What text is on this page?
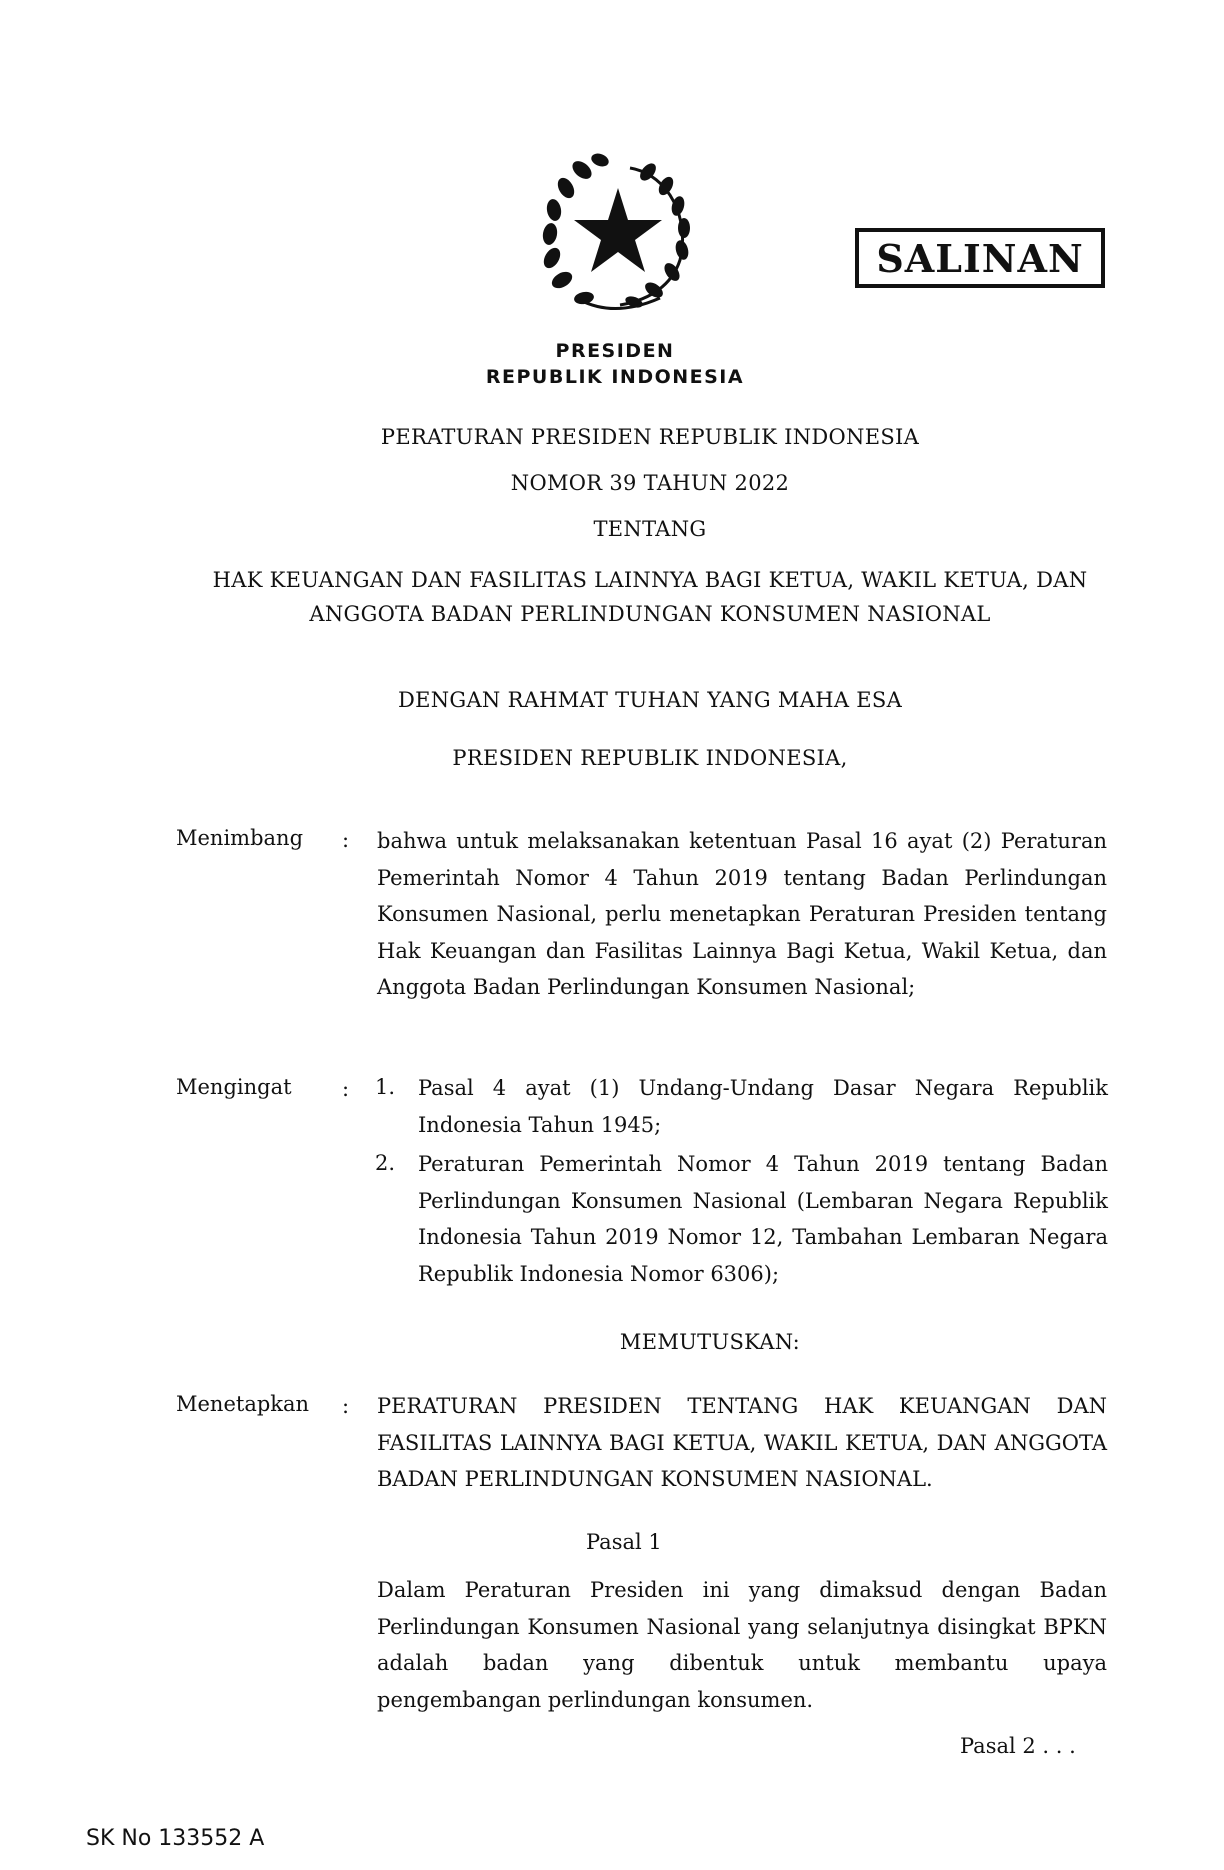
SALINAN
PRESIDEN
REPUBLIK INDONESIA
PERATURAN PRESIDEN REPUBLIK INDONESIA
NOMOR 39 TAHUN 2022
TENTANG
HAK KEUANGAN DAN FASILITAS LAINNYA BAGI KETUA, WAKIL KETUA, DAN
ANGGOTA BADAN PERLINDUNGAN KONSUMEN NASIONAL
DENGAN RAHMAT TUHAN YANG MAHA ESA
PRESIDEN REPUBLIK INDONESIA,
Menimbang	: bahwa untuk melaksanakan ketentuan Pasal 16 ayat (2) Peraturan Pemerintah Nomor 4 Tahun 2019 tentang Badan Perlindungan Konsumen Nasional, perlu menetapkan Peraturan Presiden tentang Hak Keuangan dan Fasilitas Lainnya Bagi Ketua, Wakil Ketua, dan Anggota Badan Perlindungan Konsumen Nasional;
Mengingat	: 1. Pasal 4 ayat (1) Undang-Undang Dasar Negara Republik Indonesia Tahun 1945;
2. Peraturan Pemerintah Nomor 4 Tahun 2019 tentang Badan Perlindungan Konsumen Nasional (Lembaran Negara Republik Indonesia Tahun 2019 Nomor 12, Tambahan Lembaran Negara Republik Indonesia Nomor 6306);
MEMUTUSKAN:
Menetapkan	: PERATURAN PRESIDEN TENTANG HAK KEUANGAN DAN FASILITAS LAINNYA BAGI KETUA, WAKIL KETUA, DAN ANGGOTA BADAN PERLINDUNGAN KONSUMEN NASIONAL.
Pasal 1
Dalam Peraturan Presiden ini yang dimaksud dengan Badan Perlindungan Konsumen Nasional yang selanjutnya disingkat BPKN adalah badan yang dibentuk untuk membantu upaya pengembangan perlindungan konsumen.
Pasal 2 . . .
SK No 133552 A
